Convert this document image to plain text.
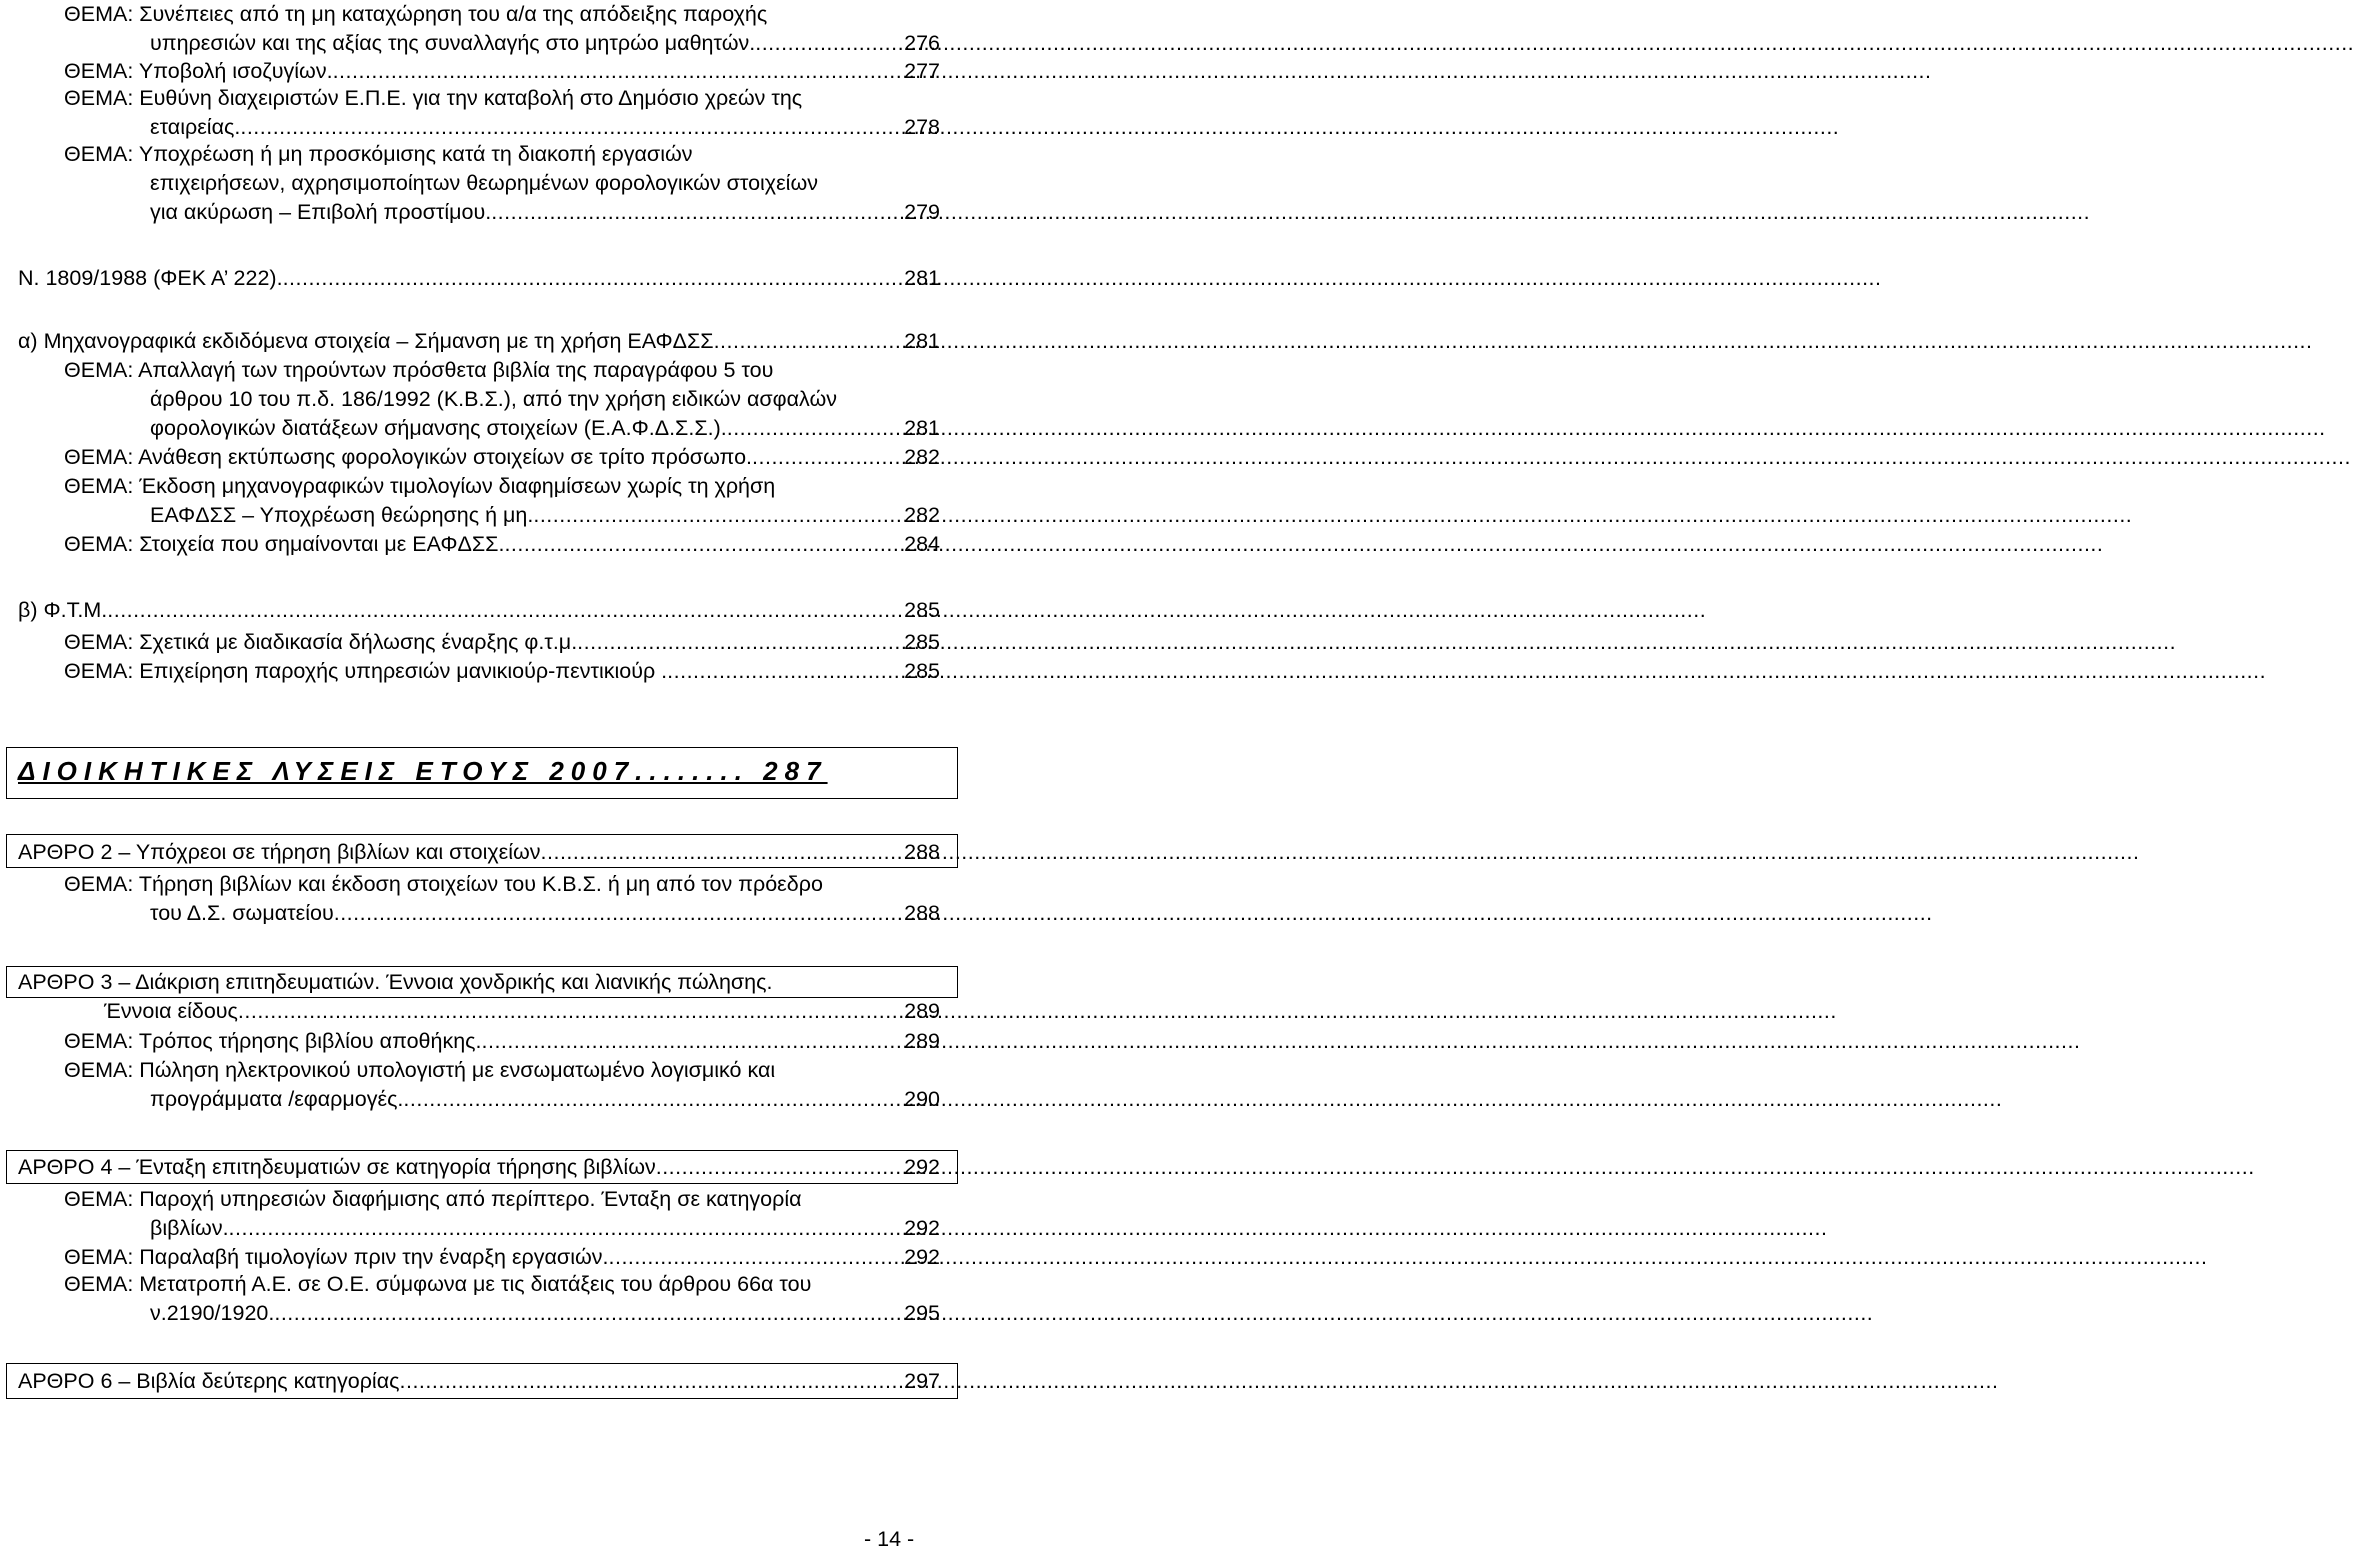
ΘΕΜΑ: Συνέπειες από τη μη καταχώρηση του α/α της απόδειξης παροχής
υπηρεσιών και της αξίας της συναλλαγής στο μητρώο μαθητών. .....	276
ΘΕΜΑ: Υποβολή ισοζυγίων. .....	277
ΘΕΜΑ: Ευθύνη διαχειριστών Ε.Π.Ε. για την καταβολή στο Δημόσιο χρεών της
εταιρείας. .....	278
ΘΕΜΑ: Υποχρέωση ή μη προσκόμισης κατά τη διακοπή εργασιών
επιχειρήσεων, αχρησιμοποίητων θεωρημένων φορολογικών στοιχείων
για ακύρωση – Επιβολή προστίμου. .....	279
Ν. 1809/1988 (ΦΕΚ Α’ 222). .....	281
α) Μηχανογραφικά εκδιδόμενα στοιχεία – Σήμανση με τη χρήση ΕΑΦΔΣΣ .....	281
ΘΕΜΑ: Απαλλαγή των τηρούντων πρόσθετα βιβλία της παραγράφου 5 του
άρθρου 10 του π.δ. 186/1992 (Κ.Β.Σ.), από την χρήση ειδικών ασφαλών
φορολογικών διατάξεων σήμανσης στοιχείων (Ε.Α.Φ.Δ.Σ.Σ.). .....	281
ΘΕΜΑ: Ανάθεση εκτύπωσης φορολογικών στοιχείων σε τρίτο πρόσωπο. .....	282
ΘΕΜΑ: Έκδοση μηχανογραφικών τιμολογίων διαφημίσεων χωρίς τη χρήση
ΕΑΦΔΣΣ – Υποχρέωση θεώρησης ή μη. .....	282
ΘΕΜΑ: Στοιχεία που σημαίνονται με ΕΑΦΔΣΣ. .....	284
β) Φ.Τ.Μ. .....	285
ΘΕΜΑ: Σχετικά με διαδικασία δήλωσης έναρξης φ.τ.μ. .....	285
ΘΕΜΑ: Επιχείρηση παροχής υπηρεσιών μανικιούρ-πεντικιούρ . .....	285
ΔΙΟΙΚΗΤΙΚΕΣ ΛΥΣΕΙΣ ΕΤΟΥΣ 2007........ 287
ΑΡΘΡΟ 2 – Υπόχρεοι σε τήρηση βιβλίων και στοιχείων .....	288
ΘΕΜΑ: Τήρηση βιβλίων και έκδοση στοιχείων του Κ.Β.Σ. ή μη από τον πρόεδρο
του Δ.Σ. σωματείου .....	288
ΑΡΘΡΟ 3 – Διάκριση επιτηδευματιών. Έννοια χονδρικής και λιανικής πώλησης.
Έννοια είδους .....	289
ΘΕΜΑ: Τρόπος τήρησης βιβλίου αποθήκης. .....	289
ΘΕΜΑ: Πώληση ηλεκτρονικού υπολογιστή με ενσωματωμένο λογισμικό και
προγράμματα /εφαρμογές. .....	290
ΑΡΘΡΟ 4 – Ένταξη επιτηδευματιών σε κατηγορία τήρησης βιβλίων .....	292
ΘΕΜΑ: Παροχή υπηρεσιών διαφήμισης από περίπτερο. Ένταξη σε κατηγορία
βιβλίων. .....	292
ΘΕΜΑ: Παραλαβή τιμολογίων πριν την έναρξη εργασιών. .....	292
ΘΕΜΑ: Μετατροπή Α.Ε. σε Ο.Ε. σύμφωνα με τις διατάξεις του άρθρου 66α του
ν.2190/1920. .....	295
ΑΡΘΡΟ 6 – Βιβλία δεύτερης κατηγορίας .....	297
- 14 -
